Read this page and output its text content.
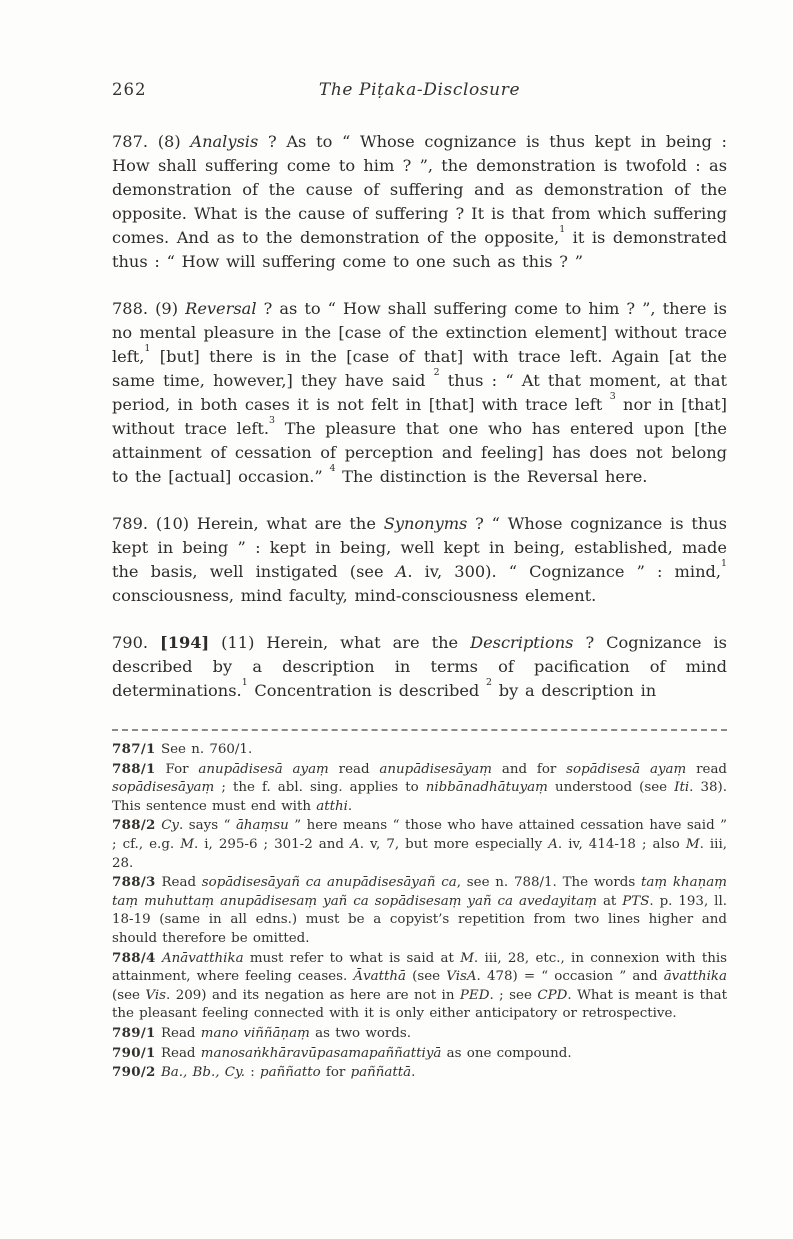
262	The Piṭaka-Disclosure

787. (8) Analysis ? As to “ Whose cognizance is thus kept in being : How shall suffering come to him ? ”, the demonstration is twofold : as demonstration of the cause of suffering and as demonstration of the opposite. What is the cause of suffering ? It is that from which suffering comes. And as to the demonstration of the opposite,$^1$ it is demonstrated thus : “ How will suffering come to one such as this ? ”

788. (9) Reversal ? as to “ How shall suffering come to him ? ”, there is no mental pleasure in the [case of the extinction element] without trace left,$^1$ [but] there is in the [case of that] with trace left. Again [at the same time, however,] they have said $^2$ thus : “ At that moment, at that period, in both cases it is not felt in [that] with trace left $^3$ nor in [that] without trace left.$^3$ The pleasure that one who has entered upon [the attainment of cessation of perception and feeling] has does not belong to the [actual] occasion.” $^4$ The distinction is the Reversal here.

789. (10) Herein, what are the Synonyms ? “ Whose cognizance is thus kept in being ” : kept in being, well kept in being, established, made the basis, well instigated (see A. iv, 300). “ Cognizance ” : mind,$^1$ consciousness, mind faculty, mind-consciousness element.

790. [194] (11) Herein, what are the Descriptions ? Cognizance is described by a description in terms of pacification of mind determinations.$^1$ Concentration is described $^2$ by a description in

787/1 See n. 760/1.

788/1 For anupādisesā ayaṃ read anupādisesāyaṃ and for sopādisesā ayaṃ read sopādisesāyaṃ ; the f. abl. sing. applies to nibbānadhātuyaṃ understood (see Iti. 38). This sentence must end with atthi.

788/2 Cy. says “ āhaṃsu ” here means “ those who have attained cessation have said ” ; cf., e.g. M. i, 295-6 ; 301-2 and A. v, 7, but more especially A. iv, 414-18 ; also M. iii, 28.

788/3 Read sopādisesāyañ ca anupādisesāyañ ca, see n. 788/1. The words taṃ khaṇaṃ taṃ muhuttaṃ anupādisesaṃ yañ ca sopādisesaṃ yañ ca avedayitaṃ at PTS. p. 193, ll. 18-19 (same in all edns.) must be a copyist’s repetition from two lines higher and should therefore be omitted.

788/4 Anāvatthika must refer to what is said at M. iii, 28, etc., in connexion with this attainment, where feeling ceases. Āvatthā (see VisA. 478) = “ occasion ” and āvatthika (see Vis. 209) and its negation as here are not in PED. ; see CPD. What is meant is that the pleasant feeling connected with it is only either anticipatory or retrospective.

789/1 Read mano viññāṇaṃ as two words.

790/1 Read manosaṅkhāravūpasamapaññattiyā as one compound.

790/2 Ba., Bb., Cy. : paññatto for paññattā.
